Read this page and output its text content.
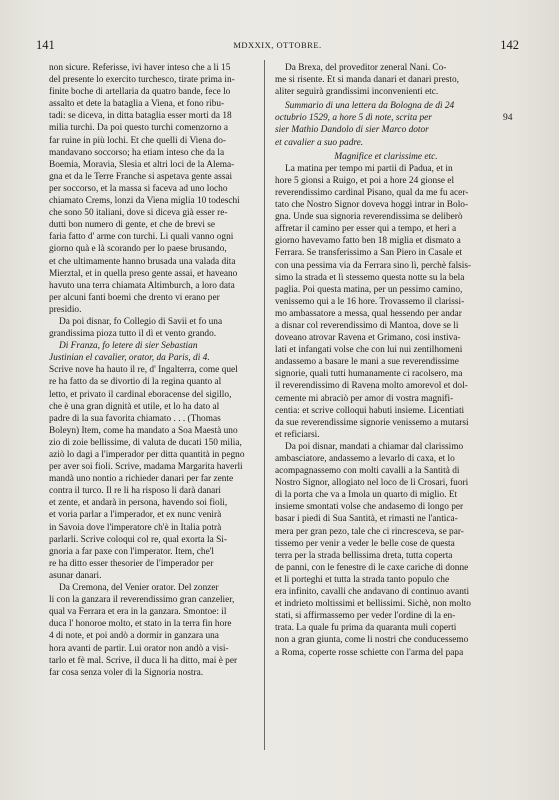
141	MDXXIX, OTTOBRE.	142
94

non sicure. Referisse, ivi haver inteso che a li 15
del presente lo exercito turchesco, tirate prima in-
finite boche di artellaria da quatro bande, fece lo
assalto et dete la bataglia a Viena, et fono ribu-
tadi: se diceva, in ditta bataglia esser morti da 18
milia turchi. Da poi questo turchi comenzorno a
far ruine in più lochi. Et che quelli di Viena do-
mandavano soccorso; ha etiam inteso che da la
Boemia, Moravia, Slesia et altri loci de la Alema-
gna et da le Terre Franche si aspetava gente assai
per soccorso, et la massa si faceva ad uno locho
chiamato Crems, lonzi da Viena miglia 10 todeschi
che sono 50 italiani, dove si diceva già esser re-
dutti bon numero di gente, et che de brevi se
faria fatto d' arme con turchi. Li quali vanno ogni
giorno quà e là scorando per lo paese brusando,
et che ultimamente hanno brusada una valada dita
Mierztal, et in quella preso gente assai, et haveano
havuto una terra chiamata Altimburch, a loro data
per alcuni fanti boemi che drento vi erano per
presidio.

Da poi disnar, fo Collegio di Savii et fo una
grandissima pioza tutto il dì et vento grando.

Di Franza, fo letere di sier Sebastian
Justinian el cavalier, orator, da Paris, di 4.
Scrive nove ha hauto il re, d' Ingalterra, come quel
re ha fatto da se divortio di la regina quanto al
letto, et privato il cardinal eboracense del sigillo,
che è una gran dignità et utile, et lo ha dato al
padre di la sua favorita chiamato . . . (Thomas
Boleyn) Item, come ha mandato a Soa Maestà uno
zio di zoie bellissime, di valuta de ducati 150 milia,
aziò lo dagi a l'imperador per ditta quantità in pegno
per aver soi fioli. Scrive, madama Margarita haverli
mandà uno nontio a richieder danari per far zente
contra il turco. Il re li ha risposo li darà danari
et zente, et andarà in persona, havendo soi fioli,
et voria parlar a l'imperador, et ex nunc venirà
in Savoia dove l'imperatore ch'è in Italia potrà
parlarli. Scrive coloqui col re, qual exorta la Si-
gnoria a far paxe con l'imperator. Item, che'l
re ha ditto esser thesorier de l'imperador per
asunar danari.

Da Cremona, del Venier orator. Del zonzer
li con la ganzara il reverendissimo gran canzelier,
qual va Ferrara et era in la ganzara. Smontoe: il
duca l' honoroe molto, et stato in la terra fin hore
4 di note, et poi andò a dormir in ganzara una
hora avanti de partir. Lui orator non andò a visi-
tarlo et fè mal. Scrive, il duca li ha ditto, mai è per
far cosa senza voler di la Signoria nostra.

Da Brexa, del proveditor zeneral Nani. Co-
me si risente. Et si manda danari et danari presto,
aliter seguirà grandissimi inconvenienti etc.

Summario di una lettera da Bologna de dì 24
octubrio 1529, a hore 5 dì note, scrita per
sier Mathio Dandolo di sier Marco dotor
et cavalier a suo padre.

Magnifice et clarissime etc.

La matina per tempo mi partii di Padua, et in
hore 5 gionsi a Ruigo, et poi a hore 24 gionse el
reverendissimo cardinal Pisano, qual da me fu acer-
tato che Nostro Signor doveva hoggi intrar in Bolo-
gna. Unde sua signoria reverendissima se deliberò
affretar il camino per esser qui a tempo, et heri a
giorno havevamo fatto ben 18 miglia et dismato a
Ferrara. Se transferissimo a San Piero in Casale et
con una pessima via da Ferrara sino lì, perchè falsis-
simo la strada et lì stessemo questa notte su la bela
paglia. Poi questa matina, per un pessimo camino,
venissemo qui a le 16 hore. Trovassemo il clarissi-
mo ambassatore a messa, qual hessendo per andar
a disnar col reverendissimo di Mantoa, dove se li
doveano atrovar Ravena et Grimano, cosi instiva-
lati et infangati volse che con lui nui zentilhomeni
andassemo a basare le mani a sue reverendissime
signorie, quali tutti humanamente ci racolsero, ma
il reverendissimo di Ravena molto amorevol et dol-
cemente mi abraciò per amor di vostra magnifi-
centia: et scrive colloqui habuti insieme. Licentiati
da sue reverendissime signorie venissemo a mutarsi
et reficiarsi.

Da poi disnar, mandati a chiamar dal clarissimo
ambasciatore, andassemo a levarlo di caxa, et lo
acompagnassemo con molti cavalli a la Santità di
Nostro Signor, allogiato nel loco de li Crosari, fuori
di la porta che va a Imola un quarto di miglio. Et
insieme smontati volse che andasemo di longo per
basar i piedi di Sua Santità, et rimasti ne l'antica-
mera per gran pezo, tale che ci rincresceva, se par-
tissemo per venir a veder le belle cose de questa
terra per la strada bellissima dreta, tutta coperta
de panni, con le fenestre di le caxe cariche di donne
et li porteghi et tutta la strada tanto populo che
era infinito, cavalli che andavano di continuo avanti
et indrieto moltissimi et bellissimi. Sichè, non molto
stati, si affirmassemo per veder l'ordine di la en-
trata. La quale fu prima da quaranta muli coperti
non a gran giunta, come li nostri che conducessemo
a Roma, coperte rosse schiette con l'arma del papa
